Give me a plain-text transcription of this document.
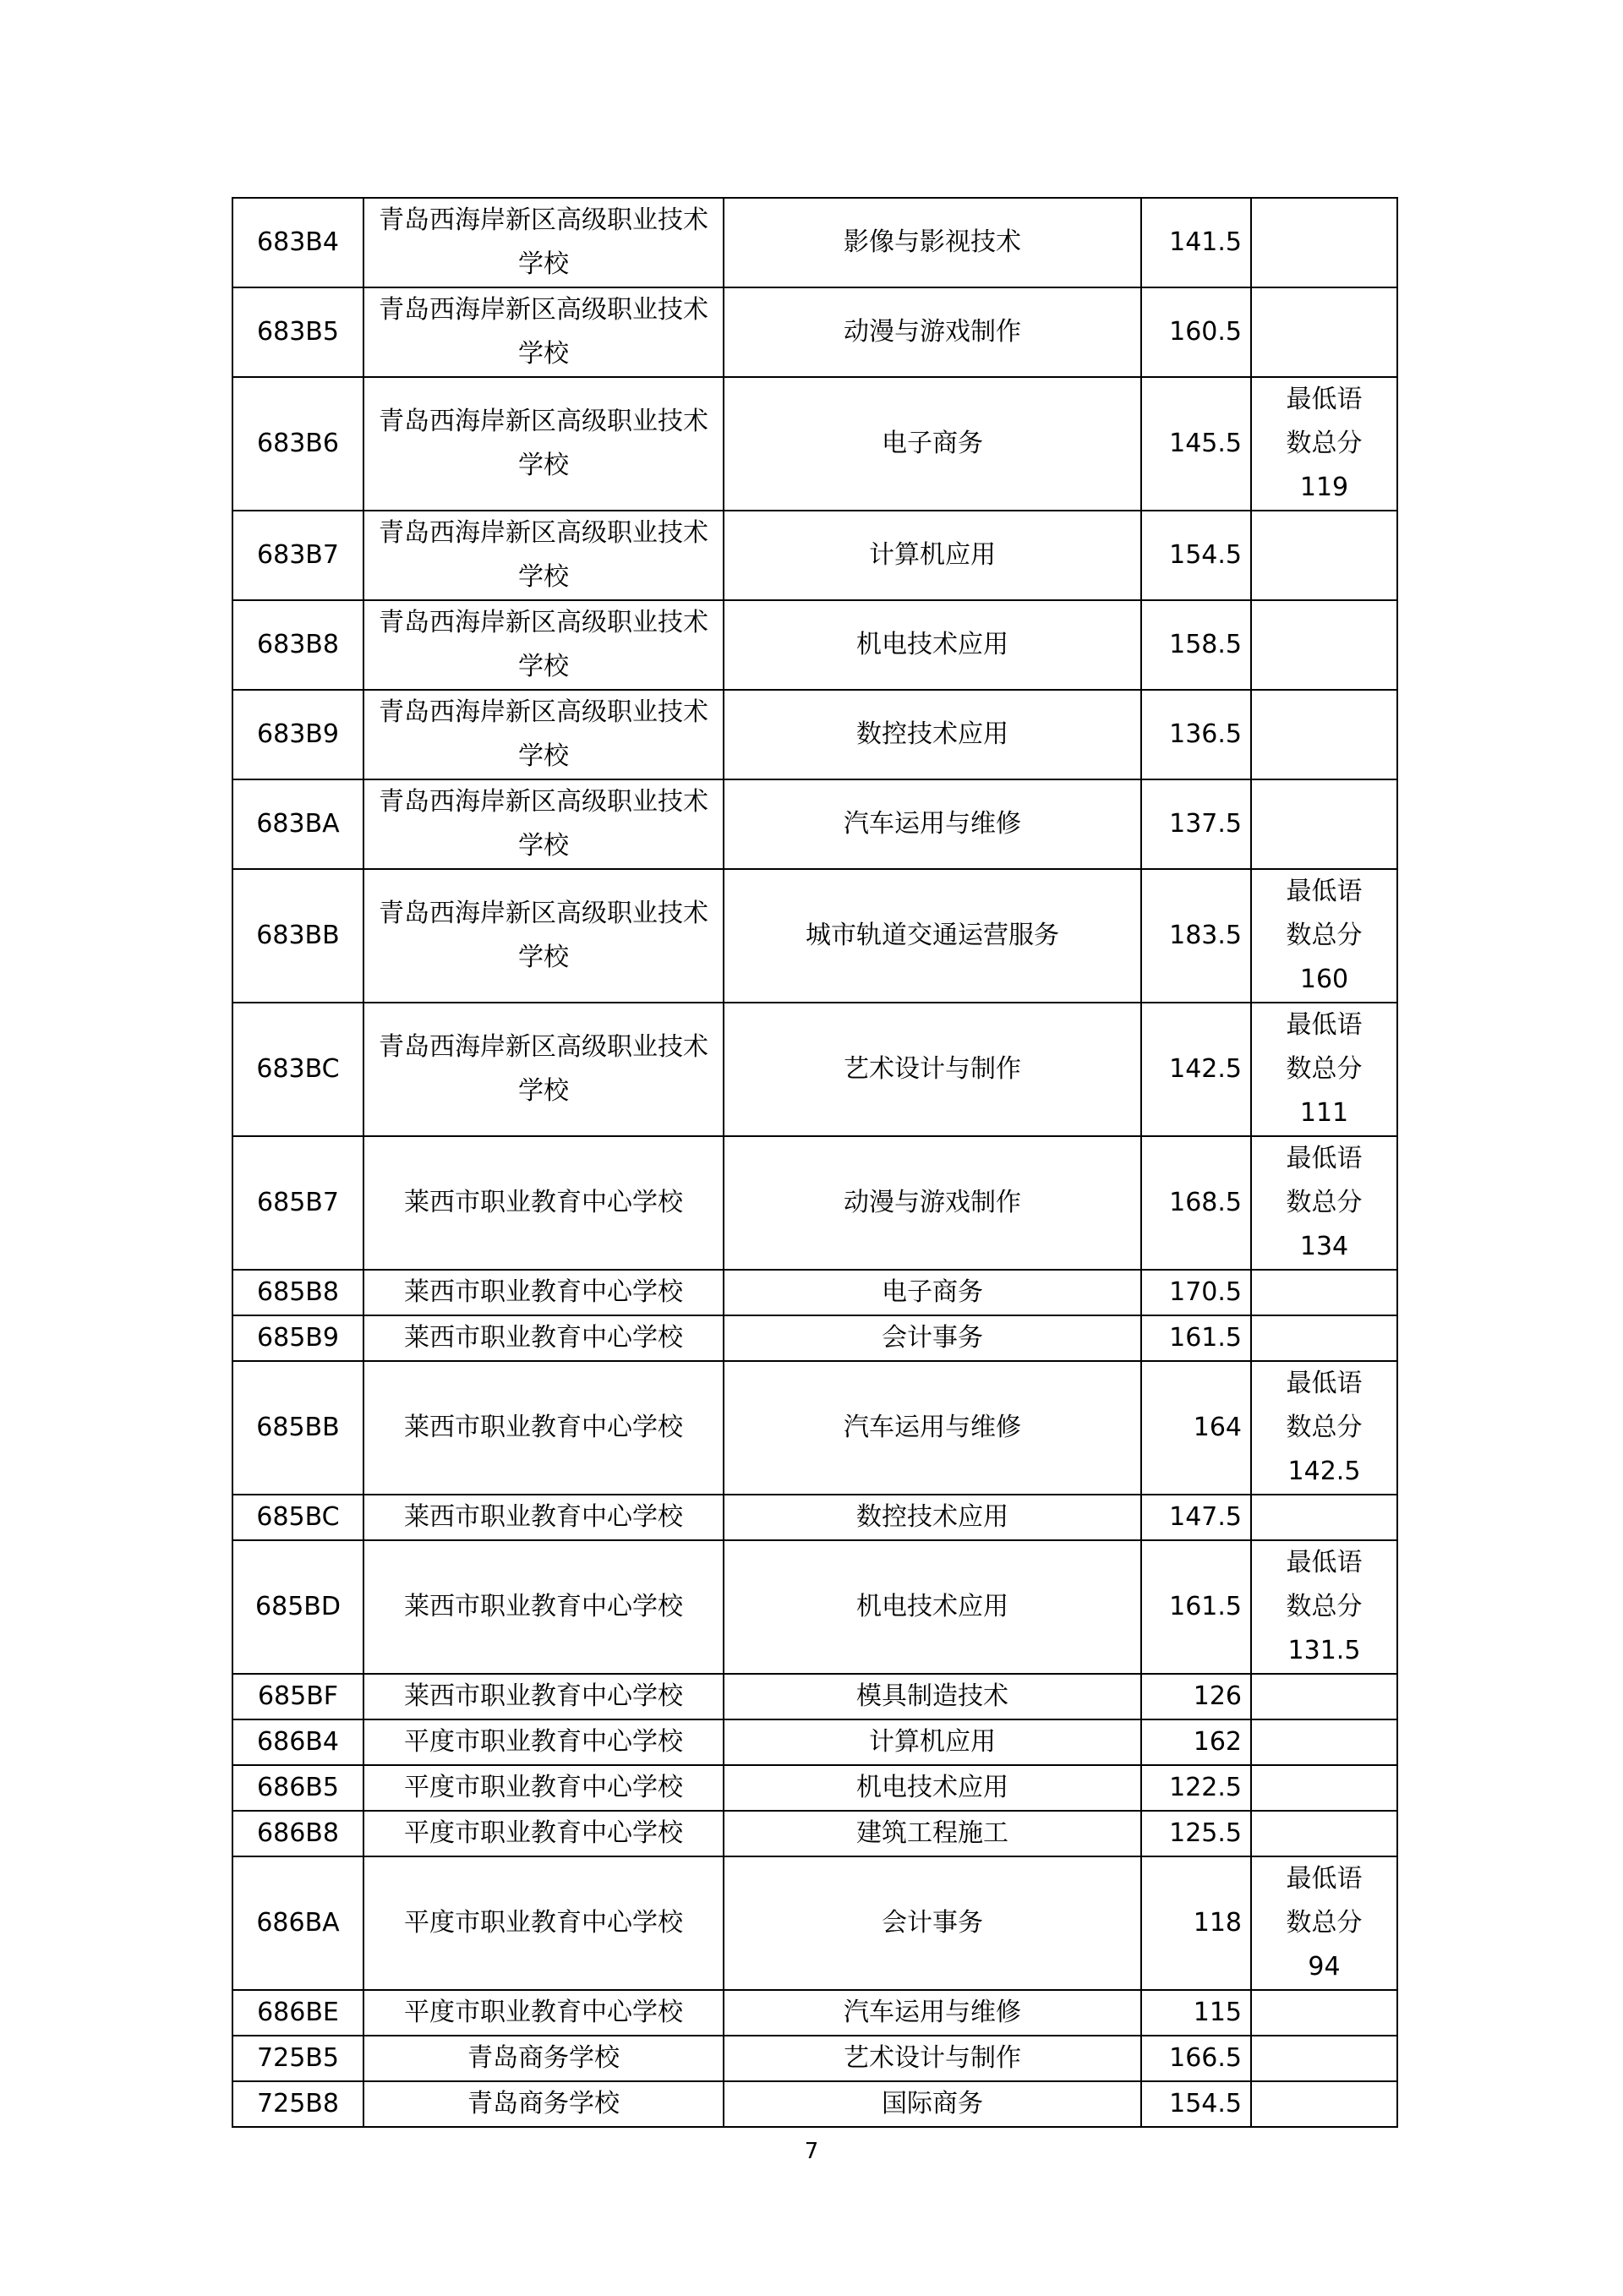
683B4	青岛西海岸新区高级职业技术学校	影像与影视技术	141.5	
683B5	青岛西海岸新区高级职业技术学校	动漫与游戏制作	160.5	
683B6	青岛西海岸新区高级职业技术学校	电子商务	145.5	最低语
数总分
119
683B7	青岛西海岸新区高级职业技术学校	计算机应用	154.5	
683B8	青岛西海岸新区高级职业技术学校	机电技术应用	158.5	
683B9	青岛西海岸新区高级职业技术学校	数控技术应用	136.5	
683BA	青岛西海岸新区高级职业技术学校	汽车运用与维修	137.5	
683BB	青岛西海岸新区高级职业技术学校	城市轨道交通运营服务	183.5	最低语
数总分
160
683BC	青岛西海岸新区高级职业技术学校	艺术设计与制作	142.5	最低语
数总分
111
685B7	莱西市职业教育中心学校	动漫与游戏制作	168.5	最低语
数总分
134
685B8	莱西市职业教育中心学校	电子商务	170.5	
685B9	莱西市职业教育中心学校	会计事务	161.5	
685BB	莱西市职业教育中心学校	汽车运用与维修	164	最低语
数总分
142.5
685BC	莱西市职业教育中心学校	数控技术应用	147.5	
685BD	莱西市职业教育中心学校	机电技术应用	161.5	最低语
数总分
131.5
685BF	莱西市职业教育中心学校	模具制造技术	126	
686B4	平度市职业教育中心学校	计算机应用	162	
686B5	平度市职业教育中心学校	机电技术应用	122.5	
686B8	平度市职业教育中心学校	建筑工程施工	125.5	
686BA	平度市职业教育中心学校	会计事务	118	最低语
数总分
94
686BE	平度市职业教育中心学校	汽车运用与维修	115	
725B5	青岛商务学校	艺术设计与制作	166.5	
725B8	青岛商务学校	国际商务	154.5	
7
